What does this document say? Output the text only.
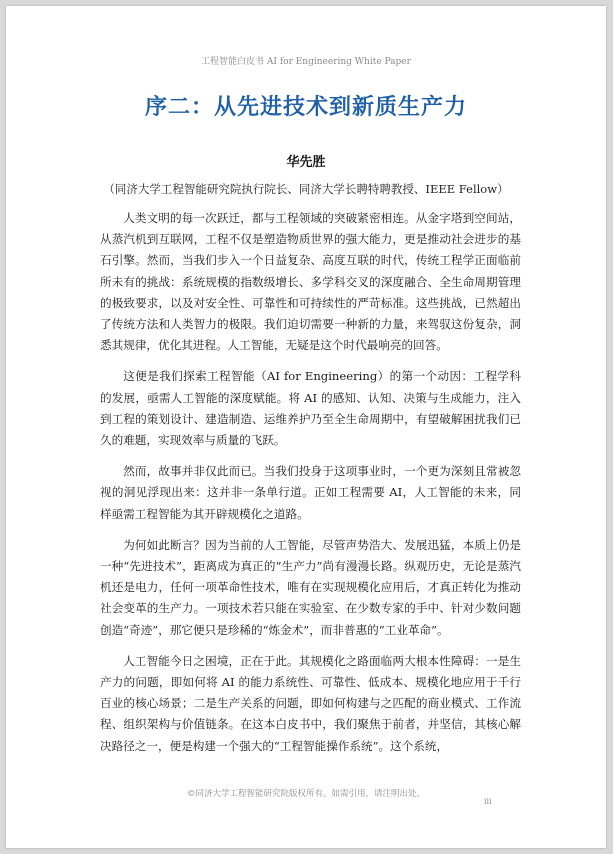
工程智能白皮书 AI for Engineering White Paper
序二：从先进技术到新质生产力
华先胜
（同济大学工程智能研究院执行院长、同济大学长聘特聘教授、IEEE Fellow）

人类文明的每一次跃迁，都与工程领域的突破紧密相连。从金字塔到空间站，从蒸汽机到互联网，工程不仅是塑造物质世界的强大能力，更是推动社会进步的基石引擎。然而，当我们步入一个日益复杂、高度互联的时代，传统工程学正面临前所未有的挑战：系统规模的指数级增长、多学科交叉的深度融合、全生命周期管理的极致要求，以及对安全性、可靠性和可持续性的严苛标准。这些挑战，已然超出了传统方法和人类智力的极限。我们迫切需要一种新的力量，来驾驭这份复杂，洞悉其规律，优化其进程。人工智能，无疑是这个时代最响亮的回答。

这便是我们探索工程智能（AI for Engineering）的第一个动因：工程学科的发展，亟需人工智能的深度赋能。将 AI 的感知、认知、决策与生成能力，注入到工程的策划设计、建造制造、运维养护乃至全生命周期中，有望破解困扰我们已久的难题，实现效率与质量的飞跃。

然而，故事并非仅此而已。当我们投身于这项事业时，一个更为深刻且常被忽视的洞见浮现出来：这并非一条单行道。正如工程需要 AI，人工智能的未来，同样亟需工程智能为其开辟规模化之道路。

为何如此断言？因为当前的人工智能，尽管声势浩大、发展迅猛，本质上仍是一种“先进技术”，距离成为真正的“生产力”尚有漫漫长路。纵观历史，无论是蒸汽机还是电力，任何一项革命性技术，唯有在实现规模化应用后，才真正转化为推动社会变革的生产力。一项技术若只能在实验室、在少数专家的手中、针对少数问题创造“奇迹”，那它便只是珍稀的“炼金术”，而非普惠的“工业革命”。

人工智能今日之困境，正在于此。其规模化之路面临两大根本性障碍：一是生产力的问题，即如何将 AI 的能力系统性、可靠性、低成本、规模化地应用于千行百业的核心场景；二是生产关系的问题，即如何构建与之匹配的商业模式、工作流程、组织架构与价值链条。在这本白皮书中，我们聚焦于前者，并坚信，其核心解决路径之一，便是构建一个强大的“工程智能操作系统”。这个系统，

©同济大学工程智能研究院版权所有。如需引用，请注明出处。
iii
